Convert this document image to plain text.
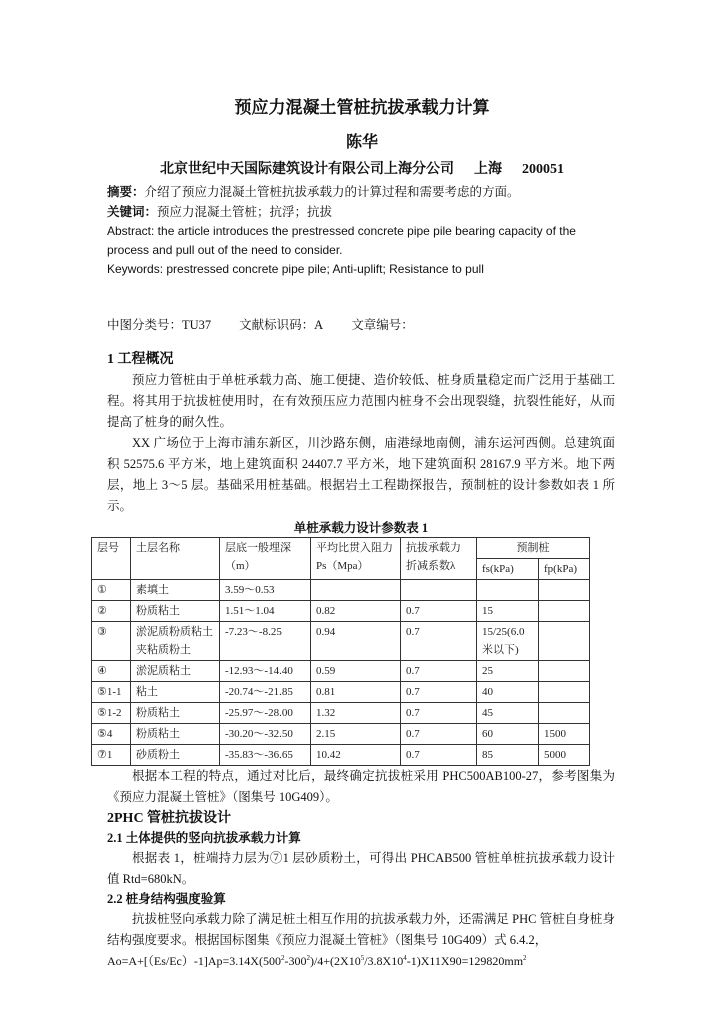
预应力混凝土管桩抗拔承载力计算
陈华
北京世纪中天国际建筑设计有限公司上海分公司 上海 200051
摘要：介绍了预应力混凝土管桩抗拔承载力的计算过程和需要考虑的方面。
关键词：预应力混凝土管桩；抗浮；抗拔
Abstract: the article introduces the prestressed concrete pipe pile bearing capacity of the
process and pull out of the need to consider.
Keywords: prestressed concrete pipe pile; Anti-uplift; Resistance to pull
中图分类号：TU37 文献标识码：A 文章编号：
1 工程概况
预应力管桩由于单桩承载力高、施工便捷、造价较低、桩身质量稳定而广泛用于基础工程。将其用于抗拔桩使用时，在有效预压应力范围内桩身不会出现裂缝，抗裂性能好，从而提高了桩身的耐久性。
XX 广场位于上海市浦东新区，川沙路东侧，庙港绿地南侧，浦东运河西侧。总建筑面积 52575.6 平方米，地上建筑面积 24407.7 平方米，地下建筑面积 28167.9 平方米。地下两层，地上 3～5 层。基础采用桩基础。根据岩土工程勘探报告，预制桩的设计参数如表 1 所示。
单桩承载力设计参数表 1
层号	土层名称	层底一般埋深（m）	平均比贯入阻力 Ps（Mpa）	抗拔承载力折减系数λ	预制桩	
					fs(kPa)	fp(kPa)
①	素填土	3.59～0.53				
②	粉质粘土	1.51～1.04	0.82	0.7	15	
③	淤泥质粉质粘土夹粘质粉土	-7.23～-8.25	0.94	0.7	15/25(6.0米以下)	
④	淤泥质粘土	-12.93～-14.40	0.59	0.7	25	
⑤1-1	粘土	-20.74～-21.85	0.81	0.7	40	
⑤1-2	粉质粘土	-25.97～-28.00	1.32	0.7	45	
⑤4	粉质粘土	-30.20～-32.50	2.15	0.7	60	1500
⑦1	砂质粉土	-35.83～-36.65	10.42	0.7	85	5000
根据本工程的特点，通过对比后，最终确定抗拔桩采用 PHC500AB100-27，参考图集为《预应力混凝土管桩》（图集号 10G409）。
2PHC 管桩抗拔设计
2.1 土体提供的竖向抗拔承载力计算
根据表 1，桩端持力层为⑦1 层砂质粉土，可得出 PHCAB500 管桩单桩抗拔承载力设计值 Rtd=680kN。
2.2 桩身结构强度验算
抗拔桩竖向承载力除了满足桩土相互作用的抗拔承载力外，还需满足 PHC 管桩自身桩身结构强度要求。根据国标图集《预应力混凝土管桩》（图集号 10G409）式 6.4.2，
$Ao=A+[(Es/Ec)-1]Ap=3.14X(500^2-300^2)/4+(2X10^5/3.8X10^4-1)X11X90=129820mm^2$
